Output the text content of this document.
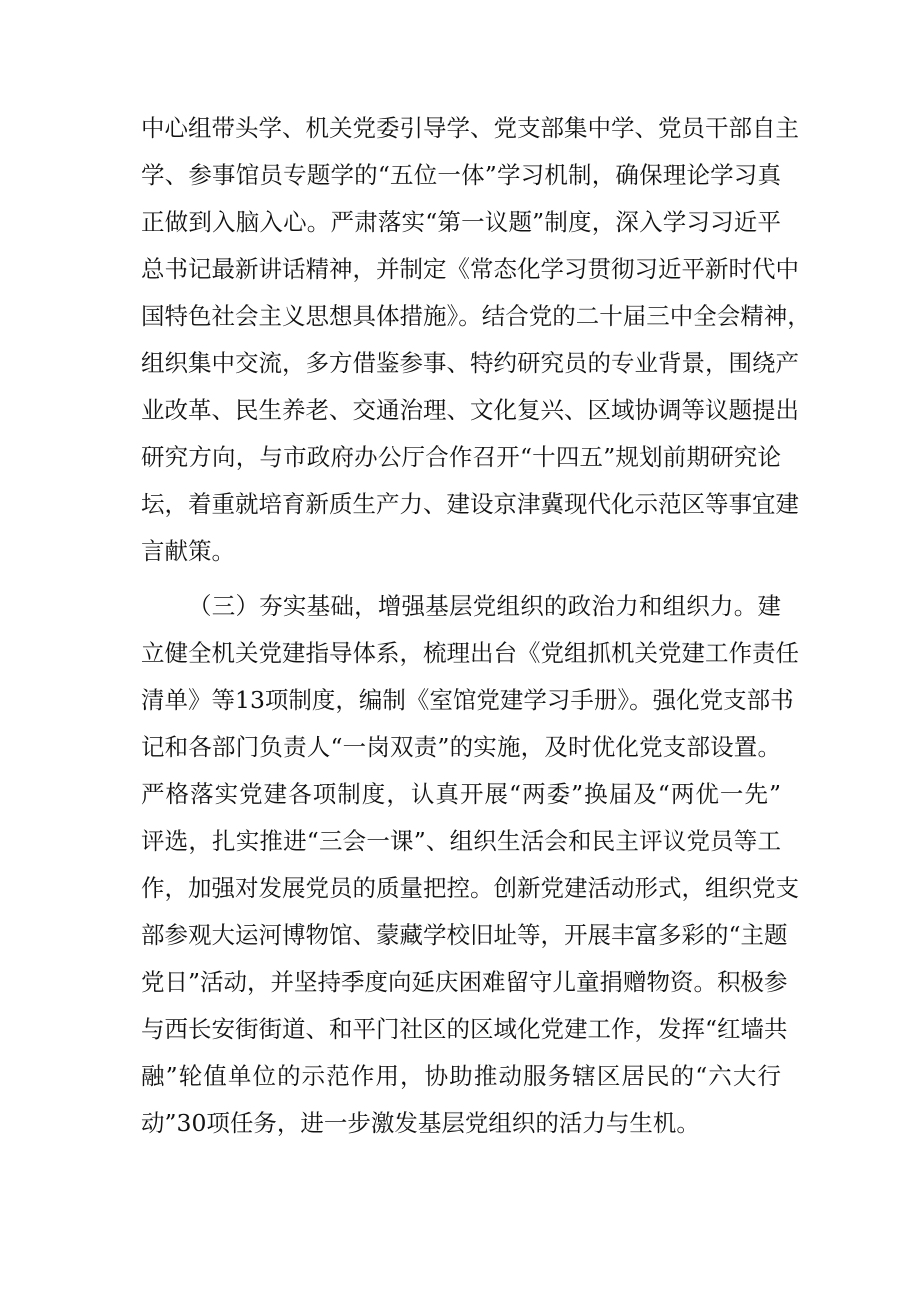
中心组带头学、机关党委引导学、党支部集中学、党员干部自主
学、参事馆员专题学的“五位一体”学习机制，确保理论学习真
正做到入脑入心。严肃落实“第一议题”制度，深入学习习近平
总书记最新讲话精神，并制定《常态化学习贯彻习近平新时代中
国特色社会主义思想具体措施》。结合党的二十届三中全会精神，
组织集中交流，多方借鉴参事、特约研究员的专业背景，围绕产
业改革、民生养老、交通治理、文化复兴、区域协调等议题提出
研究方向，与市政府办公厅合作召开“十四五”规划前期研究论
坛，着重就培育新质生产力、建设京津冀现代化示范区等事宜建
言献策。
（三）夯实基础，增强基层党组织的政治力和组织力。建
立健全机关党建指导体系，梳理出台《党组抓机关党建工作责任
清单》等13项制度，编制《室馆党建学习手册》。强化党支部书
记和各部门负责人“一岗双责”的实施，及时优化党支部设置。
严格落实党建各项制度，认真开展“两委”换届及“两优一先”
评选，扎实推进“三会一课”、组织生活会和民主评议党员等工
作，加强对发展党员的质量把控。创新党建活动形式，组织党支
部参观大运河博物馆、蒙藏学校旧址等，开展丰富多彩的“主题
党日”活动，并坚持季度向延庆困难留守儿童捐赠物资。积极参
与西长安街街道、和平门社区的区域化党建工作，发挥“红墙共
融”轮值单位的示范作用，协助推动服务辖区居民的“六大行
动”30项任务，进一步激发基层党组织的活力与生机。
